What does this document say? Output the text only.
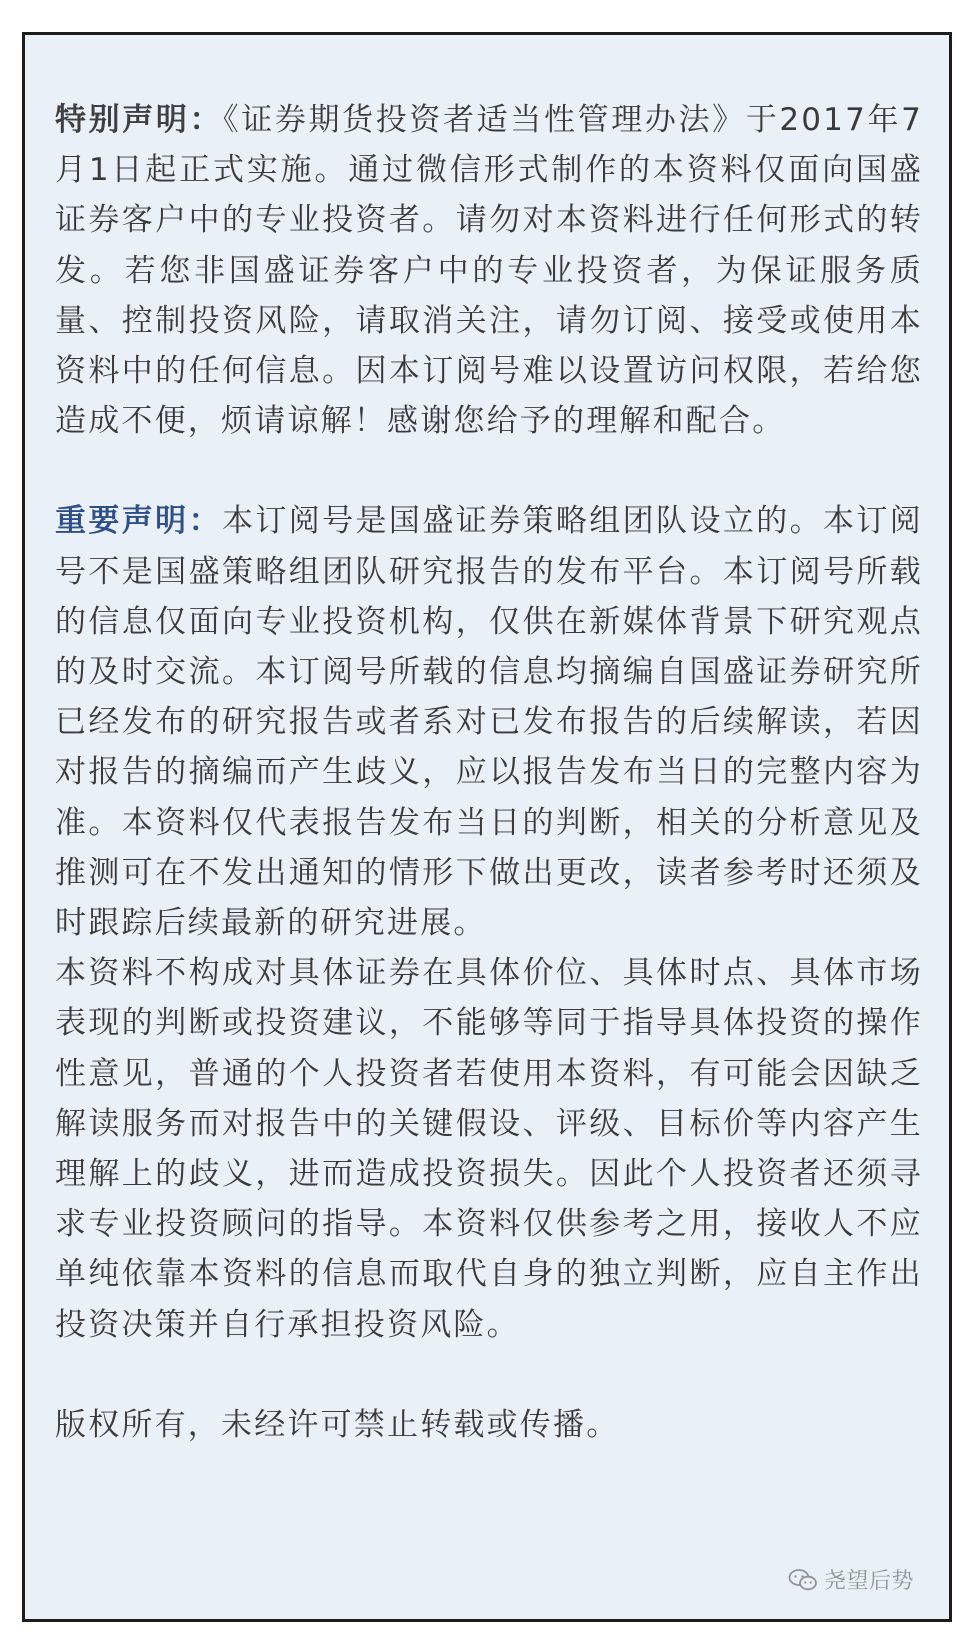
特别声明：《证券期货投资者适当性管理办法》于2017年7月1日起正式实施。通过微信形式制作的本资料仅面向国盛证券客户中的专业投资者。请勿对本资料进行任何形式的转发。若您非国盛证券客户中的专业投资者，为保证服务质量、控制投资风险，请取消关注，请勿订阅、接受或使用本资料中的任何信息。因本订阅号难以设置访问权限，若给您造成不便，烦请谅解！感谢您给予的理解和配合。

重要声明：本订阅号是国盛证券策略组团队设立的。本订阅号不是国盛策略组团队研究报告的发布平台。本订阅号所载的信息仅面向专业投资机构，仅供在新媒体背景下研究观点的及时交流。本订阅号所载的信息均摘编自国盛证券研究所已经发布的研究报告或者系对已发布报告的后续解读，若因对报告的摘编而产生歧义，应以报告发布当日的完整内容为准。本资料仅代表报告发布当日的判断，相关的分析意见及推测可在不发出通知的情形下做出更改，读者参考时还须及时跟踪后续最新的研究进展。

本资料不构成对具体证券在具体价位、具体时点、具体市场表现的判断或投资建议，不能够等同于指导具体投资的操作性意见，普通的个人投资者若使用本资料，有可能会因缺乏解读服务而对报告中的关键假设、评级、目标价等内容产生理解上的歧义，进而造成投资损失。因此个人投资者还须寻求专业投资顾问的指导。本资料仅供参考之用，接收人不应单纯依靠本资料的信息而取代自身的独立判断，应自主作出投资决策并自行承担投资风险。

版权所有，未经许可禁止转载或传播。

尧望后势
